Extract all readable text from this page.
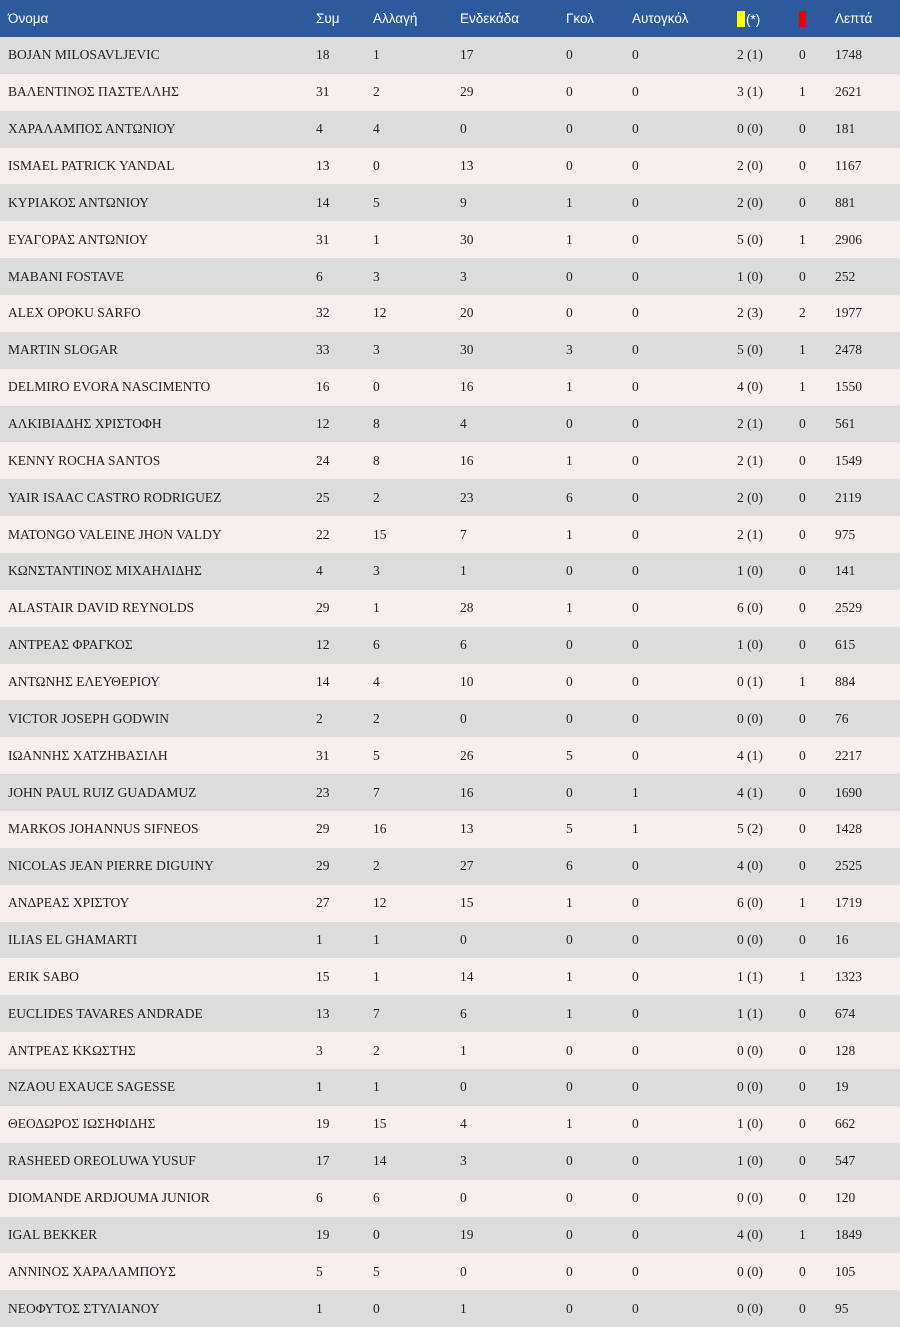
Όνομα	Συμ	Αλλαγή	Ενδεκάδα	Γκολ	Αυτογκόλ	(*)		Λεπτά
BOJAN MILOSAVLJEVIC	18	1	17	0	0	2 (1)	0	1748
ΒΑΛΕΝΤΙΝΟΣ ΠΑΣΤΕΛΛΗΣ	31	2	29	0	0	3 (1)	1	2621
ΧΑΡΑΛΑΜΠΟΣ ΑΝΤΩΝΙΟΥ	4	4	0	0	0	0 (0)	0	181
ISMAEL PATRICK YANDAL	13	0	13	0	0	2 (0)	0	1167
ΚΥΡΙΑΚΟΣ ΑΝΤΩΝΙΟΥ	14	5	9	1	0	2 (0)	0	881
ΕΥΑΓΟΡΑΣ ΑΝΤΩΝΙΟΥ	31	1	30	1	0	5 (0)	1	2906
MABANI FOSTAVE	6	3	3	0	0	1 (0)	0	252
ALEX OPOKU SARFO	32	12	20	0	0	2 (3)	2	1977
MARTIN SLOGAR	33	3	30	3	0	5 (0)	1	2478
DELMIRO EVORA NASCIMENTO	16	0	16	1	0	4 (0)	1	1550
ΑΛΚΙΒΙΑΔΗΣ ΧΡΙΣΤΟΦΗ	12	8	4	0	0	2 (1)	0	561
KENNY ROCHA SANTOS	24	8	16	1	0	2 (1)	0	1549
YAIR ISAAC CASTRO RODRIGUEZ	25	2	23	6	0	2 (0)	0	2119
MATONGO VALEINE JHON VALDY	22	15	7	1	0	2 (1)	0	975
ΚΩΝΣΤΑΝΤΙΝΟΣ ΜΙΧΑΗΛΙΔΗΣ	4	3	1	0	0	1 (0)	0	141
ALASTAIR DAVID REYNOLDS	29	1	28	1	0	6 (0)	0	2529
ΑΝΤΡΕΑΣ ΦΡΑΓΚΟΣ	12	6	6	0	0	1 (0)	0	615
ΑΝΤΩΝΗΣ ΕΛΕΥΘΕΡΙΟΥ	14	4	10	0	0	0 (1)	1	884
VICTOR JOSEPH GODWIN	2	2	0	0	0	0 (0)	0	76
ΙΩΑΝΝΗΣ ΧΑΤΖΗΒΑΣΙΛΗ	31	5	26	5	0	4 (1)	0	2217
JOHN PAUL RUIZ GUADAMUZ	23	7	16	0	1	4 (1)	0	1690
MARKOS JOHANNUS SIFNEOS	29	16	13	5	1	5 (2)	0	1428
NICOLAS JEAN PIERRE DIGUINY	29	2	27	6	0	4 (0)	0	2525
ΑΝΔΡΕΑΣ ΧΡΙΣΤΟΥ	27	12	15	1	0	6 (0)	1	1719
ILIAS EL GHAMARTI	1	1	0	0	0	0 (0)	0	16
ERIK SABO	15	1	14	1	0	1 (1)	1	1323
EUCLIDES TAVARES ANDRADE	13	7	6	1	0	1 (1)	0	674
ΑΝΤΡΕΑΣ ΚΚΩΣΤΗΣ	3	2	1	0	0	0 (0)	0	128
NZAOU EXAUCE SAGESSE	1	1	0	0	0	0 (0)	0	19
ΘΕΟΔΩΡΟΣ ΙΩΣΗΦΙΔΗΣ	19	15	4	1	0	1 (0)	0	662
RASHEED OREOLUWA YUSUF	17	14	3	0	0	1 (0)	0	547
DIOMANDE ARDJOUMA JUNIOR	6	6	0	0	0	0 (0)	0	120
IGAL BEKKER	19	0	19	0	0	4 (0)	1	1849
ΑΝΝΙΝΟΣ ΧΑΡΑΛΑΜΠΟΥΣ	5	5	0	0	0	0 (0)	0	105
ΝΕΟΦΥΤΟΣ ΣΤΥΛΙΑΝΟΥ	1	0	1	0	0	0 (0)	0	95
